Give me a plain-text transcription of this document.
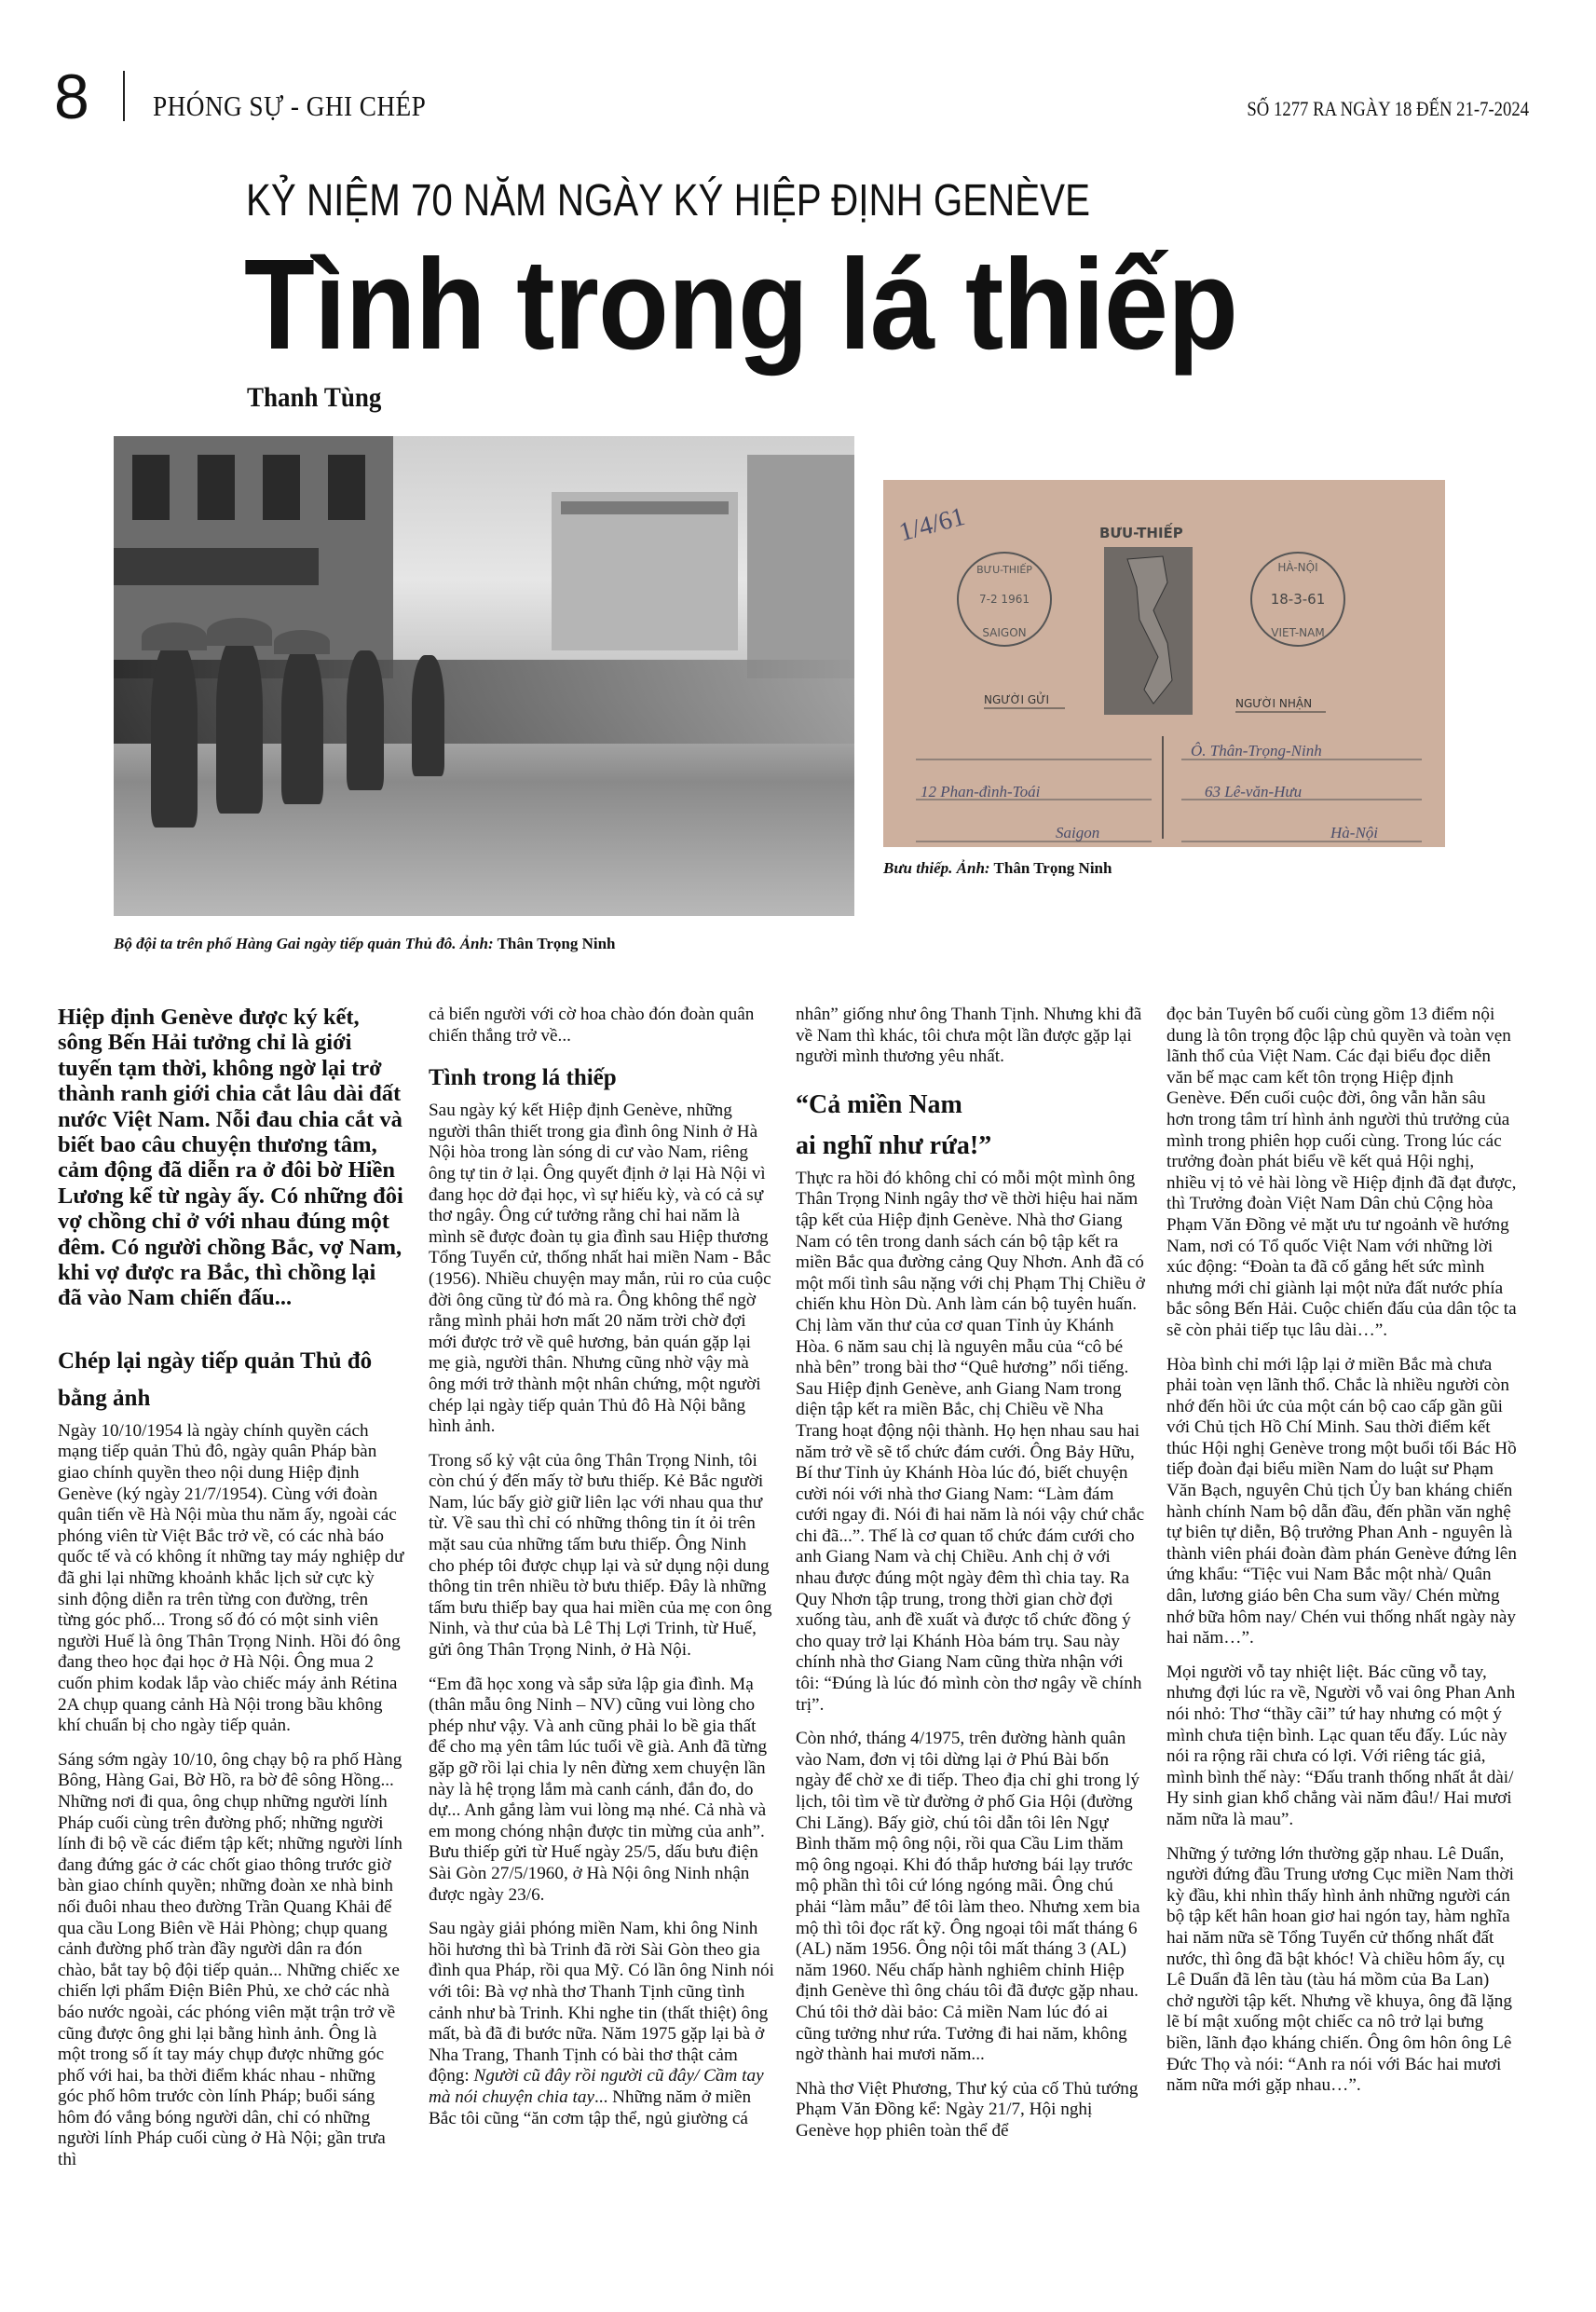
8 PHÓNG SỰ - GHI CHÉP	SỐ 1277 RA NGÀY 18 ĐẾN 21-7-2024
KỶ NIỆM 70 NĂM NGÀY KÝ HIỆP ĐỊNH GENÈVE
Tình trong lá thiếp
Thanh Tùng
Bộ đội ta trên phố Hàng Gai ngày tiếp quản Thủ đô. Ảnh: Thân Trọng Ninh
1/4/61	BƯU-THIẾP
BƯU-THIẾP
7-2 1961
SAIGON
HÀ-NỘI
18-3-61
VIET-NAM
NGƯỜI GỬI	NGƯỜI NHẬN
12 Phan-đình-Toái
Saigon
Ô. Thân-Trọng-Ninh
63 Lê-văn-Hưu
Hà-Nội
Bưu thiếp. Ảnh: Thân Trọng Ninh

Hiệp định Genève được ký kết, sông Bến Hải tưởng chỉ là giới tuyến tạm thời, không ngờ lại trở thành ranh giới chia cắt lâu dài đất nước Việt Nam. Nỗi đau chia cắt và biết bao câu chuyện thương tâm, cảm động đã diễn ra ở đôi bờ Hiền Lương kể từ ngày ấy. Có những đôi vợ chồng chỉ ở với nhau đúng một đêm. Có người chồng Bắc, vợ Nam, khi vợ được ra Bắc, thì chồng lại đã vào Nam chiến đấu...

Chép lại ngày tiếp quản Thủ đô bằng ảnh

Ngày 10/10/1954 là ngày chính quyền cách mạng tiếp quản Thủ đô, ngày quân Pháp bàn giao chính quyền theo nội dung Hiệp định Genève (ký ngày 21/7/1954). Cùng với đoàn quân tiến về Hà Nội mùa thu năm ấy, ngoài các phóng viên từ Việt Bắc trở về, có các nhà báo quốc tế và có không ít những tay máy nghiệp dư đã ghi lại những khoảnh khắc lịch sử cực kỳ sinh động diễn ra trên từng con đường, trên từng góc phố... Trong số đó có một sinh viên người Huế là ông Thân Trọng Ninh. Hồi đó ông đang theo học đại học ở Hà Nội. Ông mua 2 cuốn phim kodak lắp vào chiếc máy ảnh Rétina 2A chụp quang cảnh Hà Nội trong bầu không khí chuẩn bị cho ngày tiếp quản.

Sáng sớm ngày 10/10, ông chạy bộ ra phố Hàng Bông, Hàng Gai, Bờ Hồ, ra bờ đê sông Hồng... Những nơi đi qua, ông chụp những người lính Pháp cuối cùng trên đường phố; những người lính đi bộ về các điểm tập kết; những người lính đang đứng gác ở các chốt giao thông trước giờ bàn giao chính quyền; những đoàn xe nhà binh nối đuôi nhau theo đường Trần Quang Khải để qua cầu Long Biên về Hải Phòng; chụp quang cảnh đường phố tràn đầy người dân ra đón chào, bắt tay bộ đội tiếp quản... Những chiếc xe chiến lợi phẩm Điện Biên Phủ, xe chở các nhà báo nước ngoài, các phóng viên mặt trận trở về cũng được ông ghi lại bằng hình ảnh. Ông là một trong số ít tay máy chụp được những góc phố với hai, ba thời điểm khác nhau - những góc phố hôm trước còn lính Pháp; buổi sáng hôm đó vắng bóng người dân, chỉ có những người lính Pháp cuối cùng ở Hà Nội; gần trưa thì

cả biển người với cờ hoa chào đón đoàn quân chiến thắng trở về...

Tình trong lá thiếp

Sau ngày ký kết Hiệp định Genève, những người thân thiết trong gia đình ông Ninh ở Hà Nội hòa trong làn sóng di cư vào Nam, riêng ông tự tin ở lại. Ông quyết định ở lại Hà Nội vì đang học dở đại học, vì sự hiếu kỳ, và có cả sự thơ ngây. Ông cứ tưởng rằng chỉ hai năm là mình sẽ được đoàn tụ gia đình sau Hiệp thương Tổng Tuyển cử, thống nhất hai miền Nam - Bắc (1956). Nhiều chuyện may mắn, rủi ro của cuộc đời ông cũng từ đó mà ra. Ông không thể ngờ rằng mình phải hơn mất 20 năm trời chờ đợi mới được trở về quê hương, bản quán gặp lại mẹ già, người thân. Nhưng cũng nhờ vậy mà ông mới trở thành một nhân chứng, một người chép lại ngày tiếp quản Thủ đô Hà Nội bằng hình ảnh.

Trong số kỷ vật của ông Thân Trọng Ninh, tôi còn chú ý đến mấy tờ bưu thiếp. Kẻ Bắc người Nam, lúc bấy giờ giữ liên lạc với nhau qua thư từ. Về sau thì chỉ có những thông tin ít ỏi trên mặt sau của những tấm bưu thiếp. Ông Ninh cho phép tôi được chụp lại và sử dụng nội dung thông tin trên nhiều tờ bưu thiếp. Đây là những tấm bưu thiếp bay qua hai miền của mẹ con ông Ninh, và thư của bà Lê Thị Lợi Trinh, từ Huế, gửi ông Thân Trọng Ninh, ở Hà Nội.

“Em đã học xong và sắp sửa lập gia đình. Mạ (thân mẫu ông Ninh – NV) cũng vui lòng cho phép như vậy. Và anh cũng phải lo bề gia thất để cho mạ yên tâm lúc tuổi về già. Anh đã từng gặp gỡ rồi lại chia ly nên đừng xem chuyện lần này là hệ trọng lắm mà canh cánh, đắn đo, do dự... Anh gắng làm vui lòng mạ nhé. Cả nhà và em mong chóng nhận được tin mừng của anh”. Bưu thiếp gửi từ Huế ngày 25/5, dấu bưu điện Sài Gòn 27/5/1960, ở Hà Nội ông Ninh nhận được ngày 23/6.

Sau ngày giải phóng miền Nam, khi ông Ninh hồi hương thì bà Trinh đã rời Sài Gòn theo gia đình qua Pháp, rồi qua Mỹ. Có lần ông Ninh nói với tôi: Bà vợ nhà thơ Thanh Tịnh cũng tình cảnh như bà Trinh. Khi nghe tin (thất thiệt) ông mất, bà đã đi bước nữa. Năm 1975 gặp lại bà ở Nha Trang, Thanh Tịnh có bài thơ thật cảm động: Người cũ đây rồi người cũ đây/ Cầm tay mà nói chuyện chia tay... Những năm ở miền Bắc tôi cũng “ăn cơm tập thể, ngủ giường cá

nhân” giống như ông Thanh Tịnh. Nhưng khi đã về Nam thì khác, tôi chưa một lần được gặp lại người mình thương yêu nhất.

“Cả miền Nam
ai nghĩ như rứa!”

Thực ra hồi đó không chỉ có mỗi một mình ông Thân Trọng Ninh ngây thơ về thời hiệu hai năm tập kết của Hiệp định Genève. Nhà thơ Giang Nam có tên trong danh sách cán bộ tập kết ra miền Bắc qua đường cảng Quy Nhơn. Anh đã có một mối tình sâu nặng với chị Phạm Thị Chiều ở chiến khu Hòn Dù. Anh làm cán bộ tuyên huấn. Chị làm văn thư của cơ quan Tỉnh ủy Khánh Hòa. 6 năm sau chị là nguyên mẫu của “cô bé nhà bên” trong bài thơ “Quê hương” nổi tiếng. Sau Hiệp định Genève, anh Giang Nam trong diện tập kết ra miền Bắc, chị Chiều về Nha Trang hoạt động nội thành. Họ hẹn nhau sau hai năm trở về sẽ tổ chức đám cưới. Ông Bảy Hữu, Bí thư Tỉnh ủy Khánh Hòa lúc đó, biết chuyện cười nói với nhà thơ Giang Nam: “Làm đám cưới ngay đi. Nói đi hai năm là nói vậy chứ chắc chi đã...”. Thế là cơ quan tổ chức đám cưới cho anh Giang Nam và chị Chiều. Anh chị ở với nhau được đúng một ngày đêm thì chia tay. Ra Quy Nhơn tập trung, trong thời gian chờ đợi xuống tàu, anh đề xuất và được tổ chức đồng ý cho quay trở lại Khánh Hòa bám trụ. Sau này chính nhà thơ Giang Nam cũng thừa nhận với tôi: “Đúng là lúc đó mình còn thơ ngây về chính trị”.

Còn nhớ, tháng 4/1975, trên đường hành quân vào Nam, đơn vị tôi dừng lại ở Phú Bài bốn ngày để chờ xe đi tiếp. Theo địa chỉ ghi trong lý lịch, tôi tìm về từ đường ở phố Gia Hội (đường Chi Lăng). Bấy giờ, chú tôi dẫn tôi lên Ngự Bình thăm mộ ông nội, rồi qua Cầu Lim thăm mộ ông ngoại. Khi đó thắp hương bái lạy trước mộ phần thì tôi cứ lóng ngóng mãi. Ông chú phải “làm mẫu” để tôi làm theo. Nhưng xem bia mộ thì tôi đọc rất kỹ. Ông ngoại tôi mất tháng 6 (AL) năm 1956. Ông nội tôi mất tháng 3 (AL) năm 1960. Nếu chấp hành nghiêm chỉnh Hiệp định Genève thì ông cháu tôi đã được gặp nhau. Chú tôi thở dài bảo: Cả miền Nam lúc đó ai cũng tưởng như rứa. Tưởng đi hai năm, không ngờ thành hai mươi năm...

Nhà thơ Việt Phương, Thư ký của cố Thủ tướng Phạm Văn Đồng kể: Ngày 21/7, Hội nghị Genève họp phiên toàn thể để

đọc bản Tuyên bố cuối cùng gồm 13 điểm nội dung là tôn trọng độc lập chủ quyền và toàn vẹn lãnh thổ của Việt Nam. Các đại biểu đọc diễn văn bế mạc cam kết tôn trọng Hiệp định Genève. Đến cuối cuộc đời, ông vẫn hằn sâu hơn trong tâm trí hình ảnh người thủ trưởng của mình trong phiên họp cuối cùng. Trong lúc các trưởng đoàn phát biểu về kết quả Hội nghị, nhiều vị tỏ vẻ hài lòng về Hiệp định đã đạt được, thì Trưởng đoàn Việt Nam Dân chủ Cộng hòa Phạm Văn Đồng vẻ mặt ưu tư ngoảnh về hướng Nam, nơi có Tổ quốc Việt Nam với những lời xúc động: “Đoàn ta đã cố gắng hết sức mình nhưng mới chỉ giành lại một nửa đất nước phía bắc sông Bến Hải. Cuộc chiến đấu của dân tộc ta sẽ còn phải tiếp tục lâu dài…”.

Hòa bình chỉ mới lập lại ở miền Bắc mà chưa phải toàn vẹn lãnh thổ. Chắc là nhiều người còn nhớ đến hồi ức của một cán bộ cao cấp gần gũi với Chủ tịch Hồ Chí Minh. Sau thời điểm kết thúc Hội nghị Genève trong một buổi tối Bác Hồ tiếp đoàn đại biểu miền Nam do luật sư Phạm Văn Bạch, nguyên Chủ tịch Ủy ban kháng chiến hành chính Nam bộ dẫn đầu, đến phần văn nghệ tự biên tự diễn, Bộ trưởng Phan Anh - nguyên là thành viên phái đoàn đàm phán Genève đứng lên ứng khẩu: “Tiệc vui Nam Bắc một nhà/ Quân dân, lương giáo bên Cha sum vầy/ Chén mừng nhớ bữa hôm nay/ Chén vui thống nhất ngày này hai năm…”.

Mọi người vỗ tay nhiệt liệt. Bác cũng vỗ tay, nhưng đợi lúc ra về, Người vỗ vai ông Phan Anh nói nhỏ: Thơ “thầy cãi” tứ hay nhưng có một ý mình chưa tiện bình. Lạc quan tếu đấy. Lúc này nói ra rộng rãi chưa có lợi. Với riêng tác giả, mình bình thế này: “Đấu tranh thống nhất ắt dài/ Hy sinh gian khổ chẳng vài năm đâu!/ Hai mươi năm nữa là mau”.

Những ý tưởng lớn thường gặp nhau. Lê Duẩn, người đứng đầu Trung ương Cục miền Nam thời kỳ đầu, khi nhìn thấy hình ảnh những người cán bộ tập kết hân hoan giơ hai ngón tay, hàm nghĩa hai năm nữa sẽ Tổng Tuyển cử thống nhất đất nước, thì ông đã bật khóc! Và chiều hôm ấy, cụ Lê Duẩn đã lên tàu (tàu há mồm của Ba Lan) chở người tập kết. Nhưng về khuya, ông đã lặng lẽ bí mật xuống một chiếc ca nô trở lại bưng biền, lãnh đạo kháng chiến. Ông ôm hôn ông Lê Đức Thọ và nói: “Anh ra nói với Bác hai mươi năm nữa mới gặp nhau…”.
